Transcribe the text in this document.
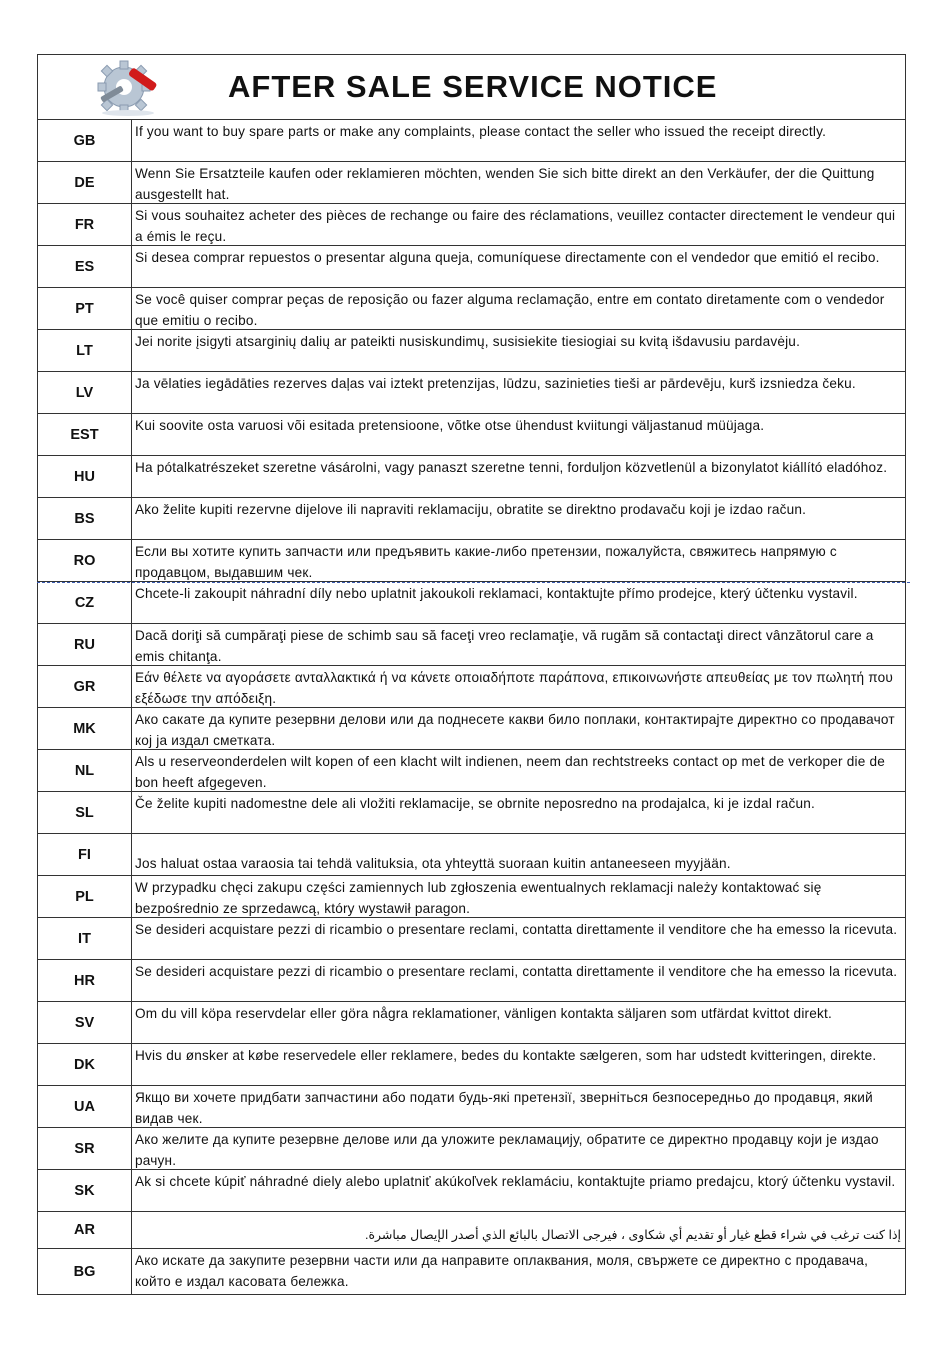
AFTER SALE SERVICE NOTICE
GB
If you want to buy spare parts or make any complaints, please contact the seller who issued the receipt directly.
DE
Wenn Sie Ersatzteile kaufen oder reklamieren möchten, wenden Sie sich bitte direkt an den Verkäufer, der die Quittung ausgestellt hat.
FR
Si vous souhaitez acheter des pièces de rechange ou faire des réclamations, veuillez contacter directement le vendeur qui a émis le reçu.
ES
Si desea comprar repuestos o presentar alguna queja, comuníquese directamente con el vendedor que emitió el recibo.
PT
Se você quiser comprar peças de reposição ou fazer alguma reclamação, entre em contato diretamente com o vendedor que emitiu o recibo.
LT
Jei norite įsigyti atsarginių dalių ar pateikti nusiskundimų, susisiekite tiesiogiai su kvitą išdavusiu pardavėju.
LV
Ja vēlaties iegādāties rezerves daļas vai iztekt pretenzijas, lūdzu, sazinieties tieši ar pārdevēju, kurš izsniedza čeku.
EST
Kui soovite osta varuosi või esitada pretensioone, võtke otse ühendust kviitungi väljastanud müüjaga.
HU
Ha pótalkatrészeket szeretne vásárolni, vagy panaszt szeretne tenni, forduljon közvetlenül a bizonylatot kiállító eladóhoz.
BS
Ako želite kupiti rezervne dijelove ili napraviti reklamaciju, obratite se direktno prodavaču koji je izdao račun.
RO
Если вы хотите купить запчасти или предъявить какие-либо претензии, пожалуйста, свяжитесь напрямую с продавцом, выдавшим чек.
CZ
Chcete-li zakoupit náhradní díly nebo uplatnit jakoukoli reklamaci, kontaktujte přímo prodejce, který účtenku vystavil.
RU
Dacă doriţi să cumpăraţi piese de schimb sau să faceţi vreo reclamaţie, vă rugăm să contactaţi direct vânzătorul care a emis chitanţa.
GR
Εάν θέλετε να αγοράσετε ανταλλακτικά ή να κάνετε οποιαδήποτε παράπονα, επικοινωνήστε απευθείας με τον πωλητή που εξέδωσε την απόδειξη.
MK
Ако сакате да купите резервни делови или да поднесете какви било поплаки, контактирајте директно со продавачот кој ја издал сметката.
NL
Als u reserveonderdelen wilt kopen of een klacht wilt indienen, neem dan rechtstreeks contact op met de verkoper die de bon heeft afgegeven.
SL
Če želite kupiti nadomestne dele ali vložiti reklamacije, se obrnite neposredno na prodajalca, ki je izdal račun.
FI
Jos haluat ostaa varaosia tai tehdä valituksia, ota yhteyttä suoraan kuitin antaneeseen myyjään.
PL
W przypadku chęci zakupu części zamiennych lub zgłoszenia ewentualnych reklamacji należy kontaktować się bezpośrednio ze sprzedawcą, który wystawił paragon.
IT
Se desideri acquistare pezzi di ricambio o presentare reclami, contatta direttamente il venditore che ha emesso la ricevuta.
HR
Se desideri acquistare pezzi di ricambio o presentare reclami, contatta direttamente il venditore che ha emesso la ricevuta.
SV
Om du vill köpa reservdelar eller göra några reklamationer, vänligen kontakta säljaren som utfärdat kvittot direkt.
DK
Hvis du ønsker at købe reservedele eller reklamere, bedes du kontakte sælgeren, som har udstedt kvitteringen, direkte.
UA
Якщо ви хочете придбати запчастини або подати будь-які претензії, зверніться безпосередньо до продавця, який видав чек.
SR
Ако желите да купите резервне делове или да уложите рекламацију, обратите се директно продавцу који је издао рачун.
SK
Ak si chcete kúpiť náhradné diely alebo uplatniť akúkoľvek reklamáciu, kontaktujte priamo predajcu, ktorý účtenku vystavil.
AR	إذا كنت ترغب في شراء قطع غيار أو تقديم أي شكاوى ، فيرجى الاتصال بالبائع الذي أصدر الإيصال مباشرة.
BG
Ако искате да закупите резервни части или да направите оплаквания, моля, свържете се директно с продавача, който е издал касовата бележка.
